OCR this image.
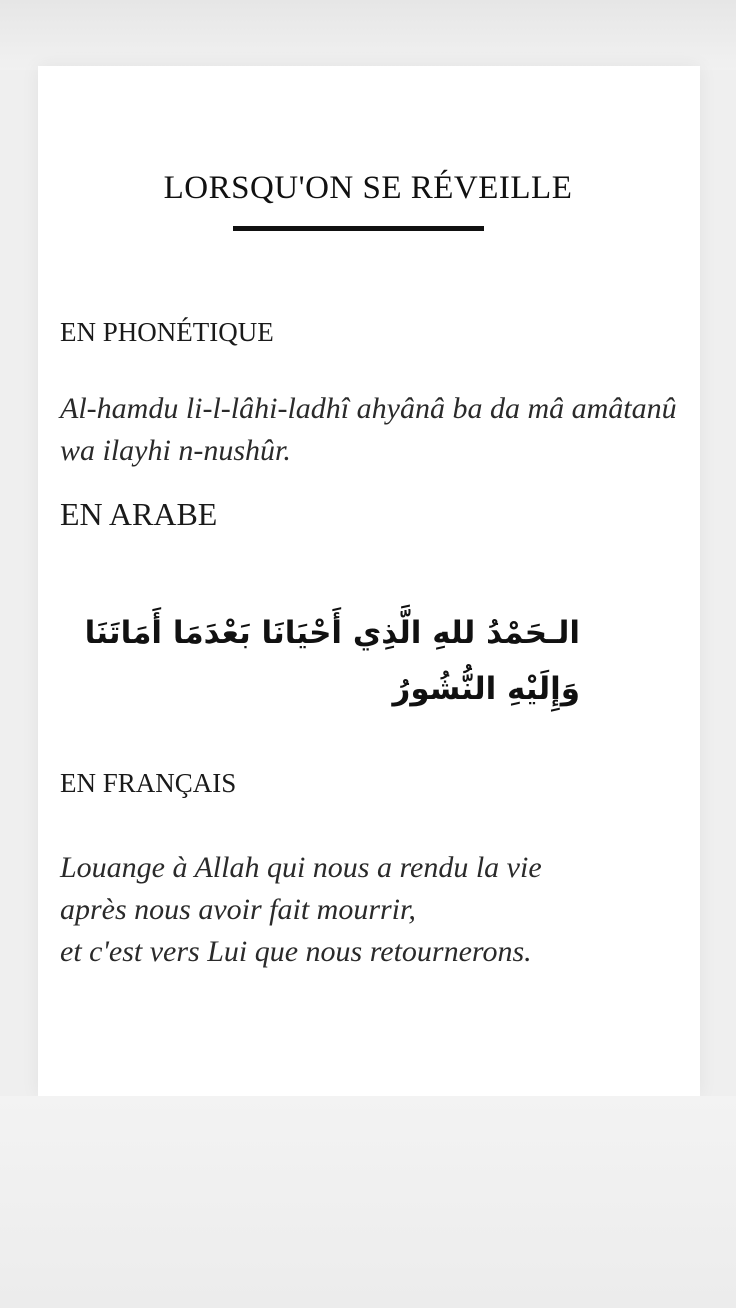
LORSQU'ON SE RÉVEILLE
EN PHONÉTIQUE

Al-hamdu li-l-lâhi-ladhî ahyânâ ba da mâ amâtanû wa ilayhi n-nushûr.

EN ARABE

الـحَمْدُ للهِ الَّذِي أَحْيَانَا بَعْدَمَا أَمَاتَنَا وَإِلَيْهِ النُّشُورُ

EN FRANÇAIS

Louange à Allah qui nous a rendu la vie
après nous avoir fait mourrir,
et c'est vers Lui que nous retournerons.
